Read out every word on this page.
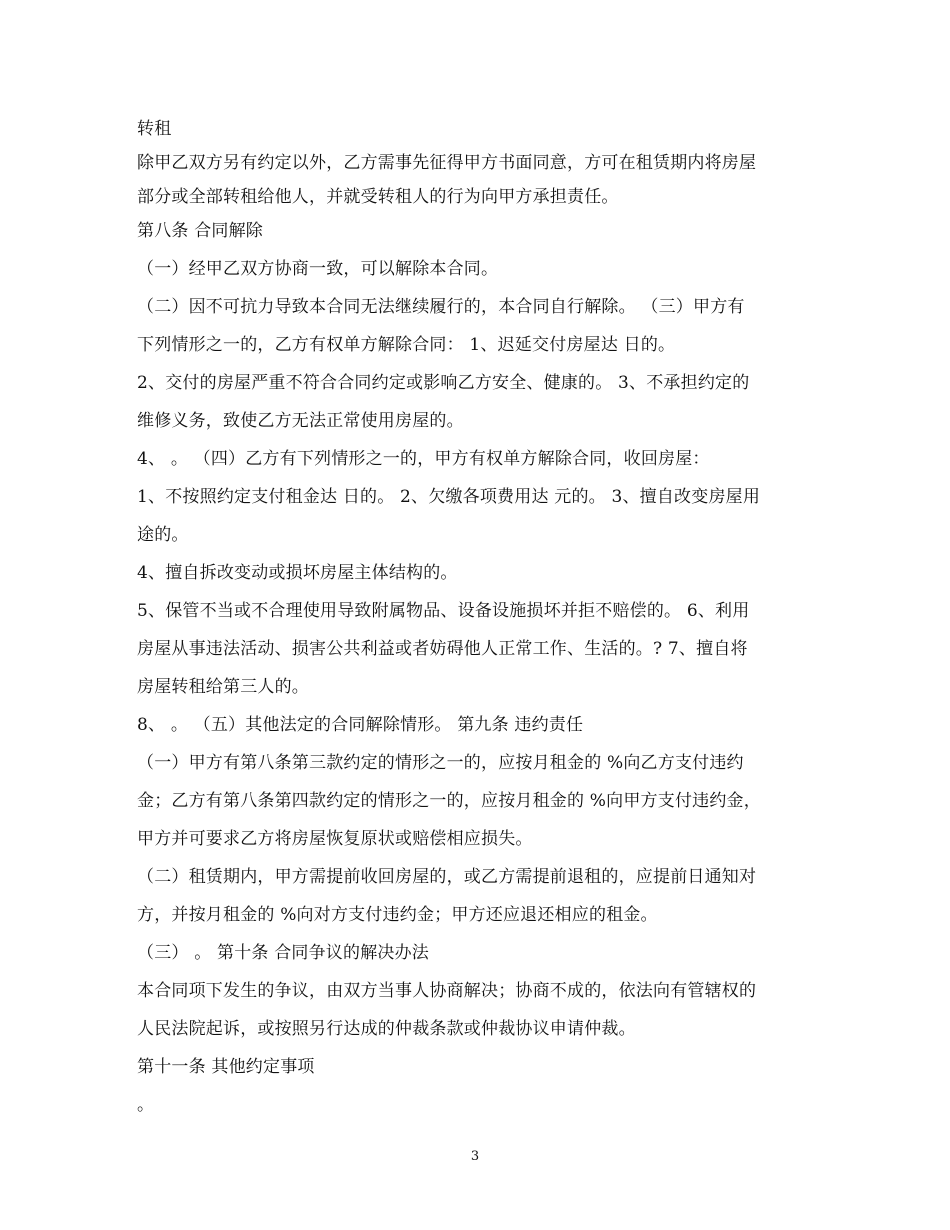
转租

除甲乙双方另有约定以外，乙方需事先征得甲方书面同意，方可在租赁期内将房屋

部分或全部转租给他人，并就受转租人的行为向甲方承担责任。

第八条 合同解除

（一）经甲乙双方协商一致，可以解除本合同。

（二）因不可抗力导致本合同无法继续履行的，本合同自行解除。 （三）甲方有

下列情形之一的，乙方有权单方解除合同： 1、迟延交付房屋达 日的。

2、交付的房屋严重不符合合同约定或影响乙方安全、健康的。 3、不承担约定的

维修义务，致使乙方无法正常使用房屋的。

4、 。 （四）乙方有下列情形之一的，甲方有权单方解除合同，收回房屋：

1、不按照约定支付租金达 日的。 2、欠缴各项费用达 元的。 3、擅自改变房屋用

途的。

4、擅自拆改变动或损坏房屋主体结构的。

5、保管不当或不合理使用导致附属物品、设备设施损坏并拒不赔偿的。 6、利用

房屋从事违法活动、损害公共利益或者妨碍他人正常工作、生活的。? 7、擅自将

房屋转租给第三人的。

8、 。 （五）其他法定的合同解除情形。 第九条 违约责任

（一）甲方有第八条第三款约定的情形之一的，应按月租金的 %向乙方支付违约

金；乙方有第八条第四款约定的情形之一的，应按月租金的 %向甲方支付违约金，

甲方并可要求乙方将房屋恢复原状或赔偿相应损失。

（二）租赁期内，甲方需提前收回房屋的，或乙方需提前退租的，应提前日通知对

方，并按月租金的 %向对方支付违约金；甲方还应退还相应的租金。

（三） 。 第十条 合同争议的解决办法

本合同项下发生的争议，由双方当事人协商解决；协商不成的，依法向有管辖权的

人民法院起诉，或按照另行达成的仲裁条款或仲裁协议申请仲裁。

第十一条 其他约定事项

。

3
